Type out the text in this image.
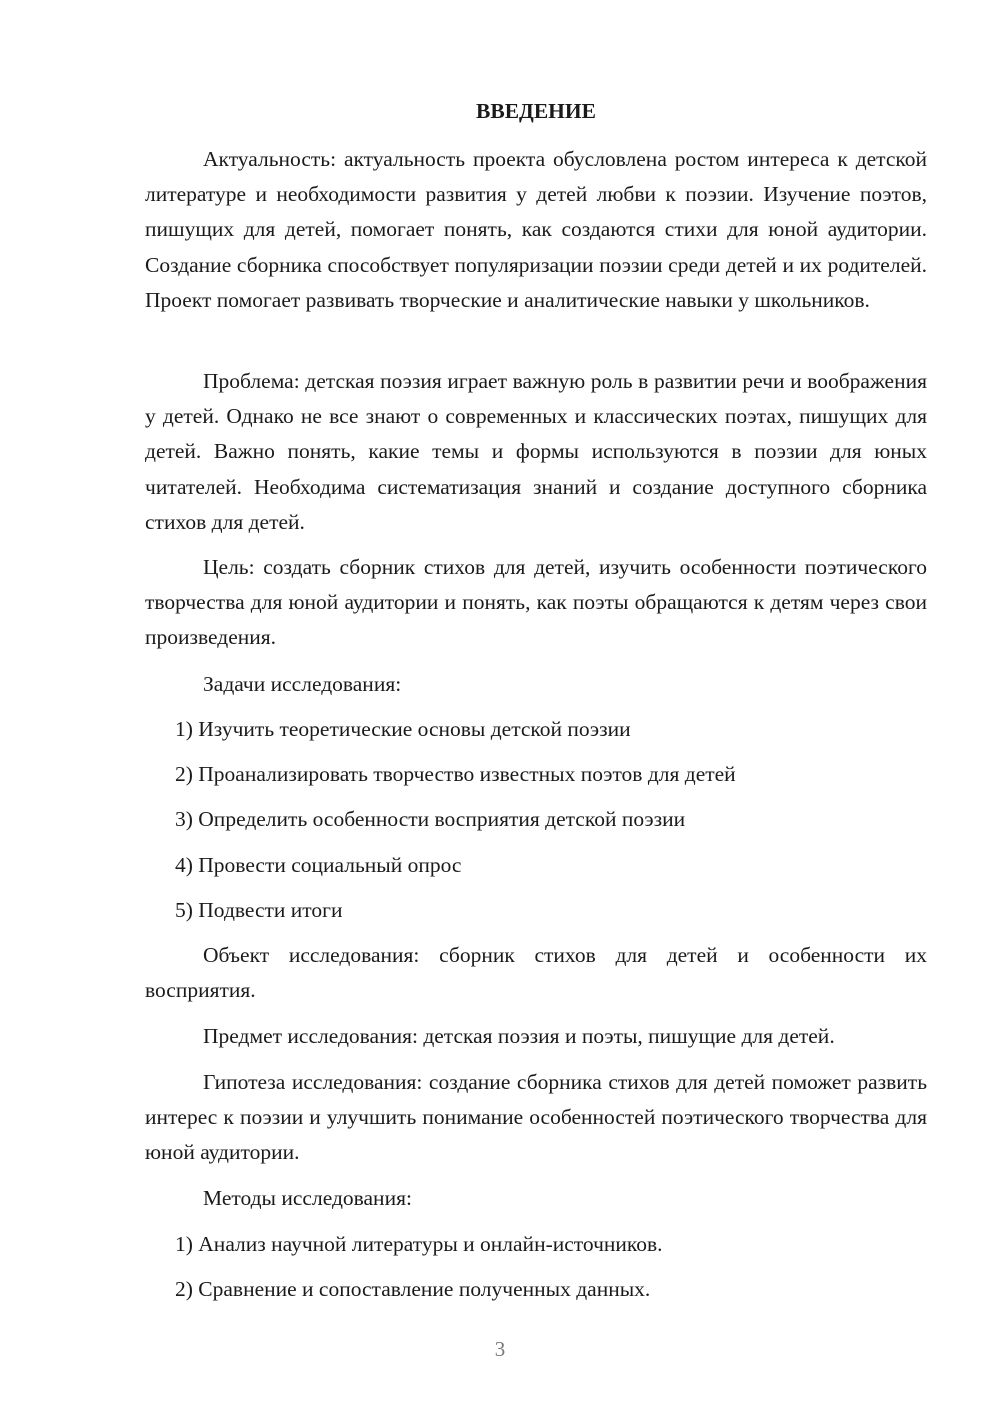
ВВЕДЕНИЕ

Актуальность: актуальность проекта обусловлена ростом интереса к детской литературе и необходимости развития у детей любви к поэзии. Изучение поэтов, пишущих для детей, помогает понять, как создаются стихи для юной аудитории. Создание сборника способствует популяризации поэзии среди детей и их родителей. Проект помогает развивать творческие и аналитические навыки у школьников.

Проблема: детская поэзия играет важную роль в развитии речи и воображения у детей. Однако не все знают о современных и классических поэтах, пишущих для детей. Важно понять, какие темы и формы используются в поэзии для юных читателей. Необходима систематизация знаний и создание доступного сборника стихов для детей.

Цель: создать сборник стихов для детей, изучить особенности поэтического творчества для юной аудитории и понять, как поэты обращаются к детям через свои произведения.

Задачи исследования:

1) Изучить теоретические основы детской поэзии

2) Проанализировать творчество известных поэтов для детей

3) Определить особенности восприятия детской поэзии

4) Провести социальный опрос

5) Подвести итоги

Объект исследования: сборник стихов для детей и особенности их восприятия.

Предмет исследования: детская поэзия и поэты, пишущие для детей.

Гипотеза исследования: создание сборника стихов для детей поможет развить интерес к поэзии и улучшить понимание особенностей поэтического творчества для юной аудитории.

Методы исследования:

1) Анализ научной литературы и онлайн-источников.

2) Сравнение и сопоставление полученных данных.

3
